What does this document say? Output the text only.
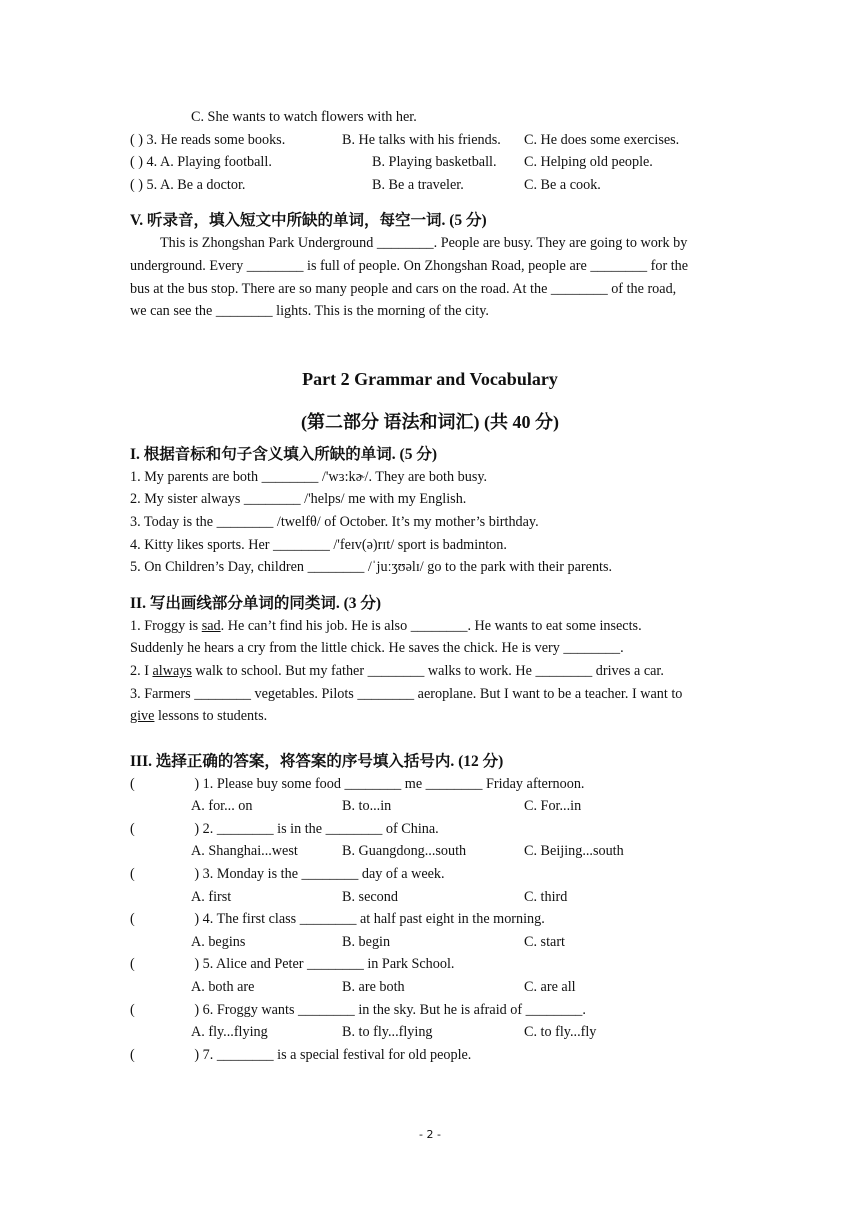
C. She wants to watch flowers with her.
( ) 3. He reads some books.	B. He talks with his friends.	C. He does some exercises.
( ) 4. A. Playing football.	B. Playing basketball.	C. Helping old people.
( ) 5. A. Be a doctor.	B. Be a traveler.	C. Be a cook.
V. 听录音，填入短文中所缺的单词，每空一词. (5 分)
This is Zhongshan Park Underground ________. People are busy. They are going to work by
underground. Every ________ is full of people. On Zhongshan Road, people are ________ for the
bus at the bus stop. There are so many people and cars on the road. At the ________ of the road,
we can see the ________ lights. This is the morning of the city.
Part 2 Grammar and Vocabulary
(第二部分 语法和词汇) (共 40 分)
I. 根据音标和句子含义填入所缺的单词. (5 分)
1. My parents are both ________ /'wɜ:kɚ/. They are both busy.
2. My sister always ________ /'helps/ me with my English.
3. Today is the ________ /twelfθ/ of October. It’s my mother’s birthday.
4. Kitty likes sports. Her ________ /'feɪv(ə)rɪt/ sport is badminton.
5. On Children’s Day, children ________ /ˈjuːʒʊəlɪ/ go to the park with their parents.
II. 写出画线部分单词的同类词. (3 分)
1. Froggy is sad. He can’t find his job. He is also ________. He wants to eat some insects.
Suddenly he hears a cry from the little chick. He saves the chick. He is very ________.
2. I always walk to school. But my father ________ walks to work. He ________ drives a car.
3. Farmers ________ vegetables. Pilots ________ aeroplane. But I want to be a teacher. I want to
give lessons to students.
III. 选择正确的答案，将答案的序号填入括号内. (12 分)
(	) 1. Please buy some food ________ me ________ Friday afternoon.
A. for... on	B. to...in	C. For...in
(	) 2. ________ is in the ________ of China.
A. Shanghai...west	B. Guangdong...south	C. Beijing...south
(	) 3. Monday is the ________ day of a week.
A. first	B. second	C. third
(	) 4. The first class ________ at half past eight in the morning.
A. begins	B. begin	C. start
(	) 5. Alice and Peter ________ in Park School.
A. both are	B. are both	C. are all
(	) 6. Froggy wants ________ in the sky. But he is afraid of ________.
A. fly...flying	B. to fly...flying	C. to fly...fly
(	) 7. ________ is a special festival for old people.
- 2 -
